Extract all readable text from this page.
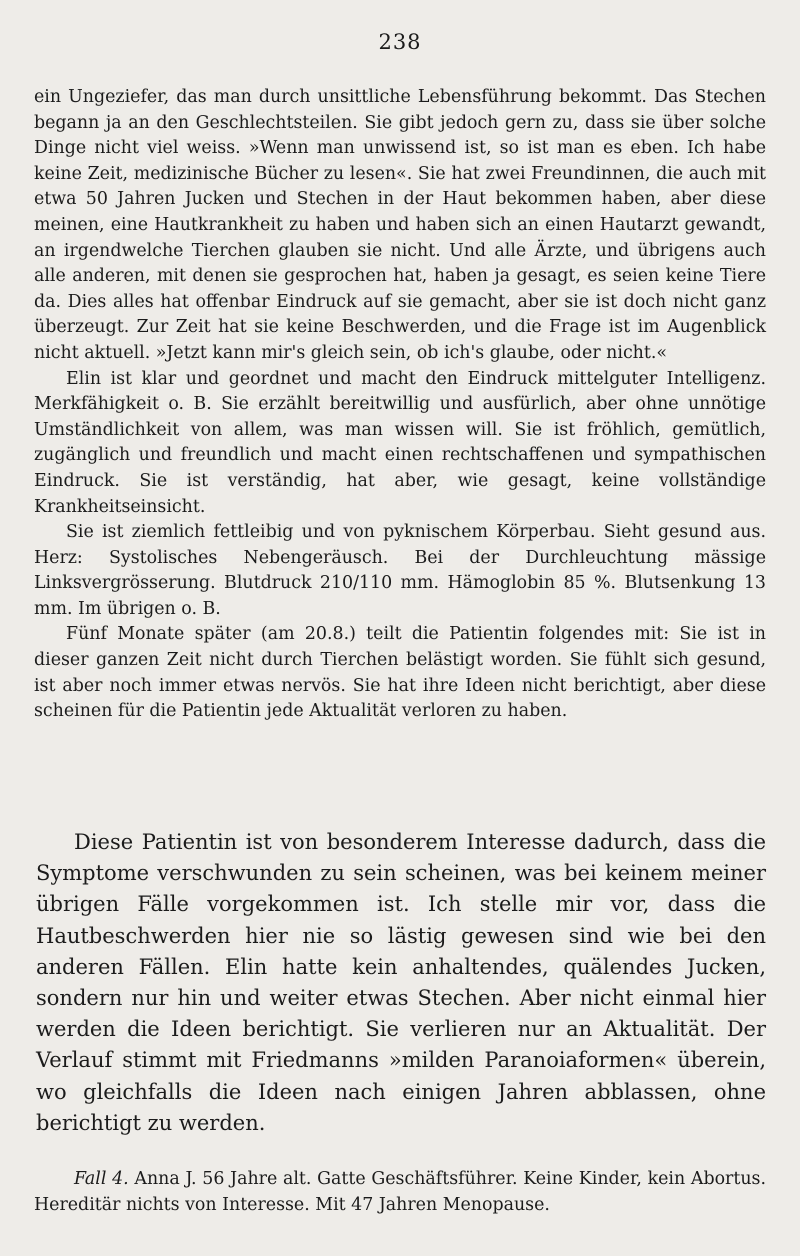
238

ein Ungeziefer, das man durch unsittliche Lebensführung bekommt. Das Stechen begann ja an den Geschlechtsteilen. Sie gibt jedoch gern zu, dass sie über solche Dinge nicht viel weiss. »Wenn man unwissend ist, so ist man es eben. Ich habe keine Zeit, medizinische Bücher zu lesen«. Sie hat zwei Freundinnen, die auch mit etwa 50 Jahren Jucken und Stechen in der Haut bekommen haben, aber diese meinen, eine Hautkrankheit zu haben und haben sich an einen Hautarzt gewandt, an irgendwelche Tierchen glauben sie nicht. Und alle Ärzte, und übrigens auch alle anderen, mit denen sie gesprochen hat, haben ja gesagt, es seien keine Tiere da. Dies alles hat offenbar Eindruck auf sie gemacht, aber sie ist doch nicht ganz überzeugt. Zur Zeit hat sie keine Beschwerden, und die Frage ist im Augenblick nicht aktuell. »Jetzt kann mir's gleich sein, ob ich's glaube, oder nicht.«

Elin ist klar und geordnet und macht den Eindruck mittelguter Intelligenz. Merkfähigkeit o. B. Sie erzählt bereitwillig und ausfürlich, aber ohne unnötige Umständlichkeit von allem, was man wissen will. Sie ist fröhlich, gemütlich, zugänglich und freundlich und macht einen rechtschaffenen und sympathischen Eindruck. Sie ist verständig, hat aber, wie gesagt, keine vollständige Krankheitseinsicht.

Sie ist ziemlich fettleibig und von pyknischem Körperbau. Sieht gesund aus. Herz: Systolisches Nebengeräusch. Bei der Durchleuchtung mässige Linksvergrösserung. Blutdruck 210/110 mm. Hämoglobin 85 %. Blutsenkung 13 mm. Im übrigen o. B.

Fünf Monate später (am 20.8.) teilt die Patientin folgendes mit: Sie ist in dieser ganzen Zeit nicht durch Tierchen belästigt worden. Sie fühlt sich gesund, ist aber noch immer etwas nervös. Sie hat ihre Ideen nicht berichtigt, aber diese scheinen für die Patientin jede Aktualität verloren zu haben.

Diese Patientin ist von besonderem Interesse dadurch, dass die Symptome verschwunden zu sein scheinen, was bei keinem meiner übrigen Fälle vorgekommen ist. Ich stelle mir vor, dass die Hautbeschwerden hier nie so lästig gewesen sind wie bei den anderen Fällen. Elin hatte kein anhaltendes, quälendes Jucken, sondern nur hin und weiter etwas Stechen. Aber nicht einmal hier werden die Ideen berichtigt. Sie verlieren nur an Aktualität. Der Verlauf stimmt mit Friedmanns »milden Paranoiaformen« überein, wo gleichfalls die Ideen nach einigen Jahren abblassen, ohne berichtigt zu werden.

Fall 4. Anna J. 56 Jahre alt. Gatte Geschäftsführer. Keine Kinder, kein Abortus. Hereditär nichts von Interesse. Mit 47 Jahren Menopause.
